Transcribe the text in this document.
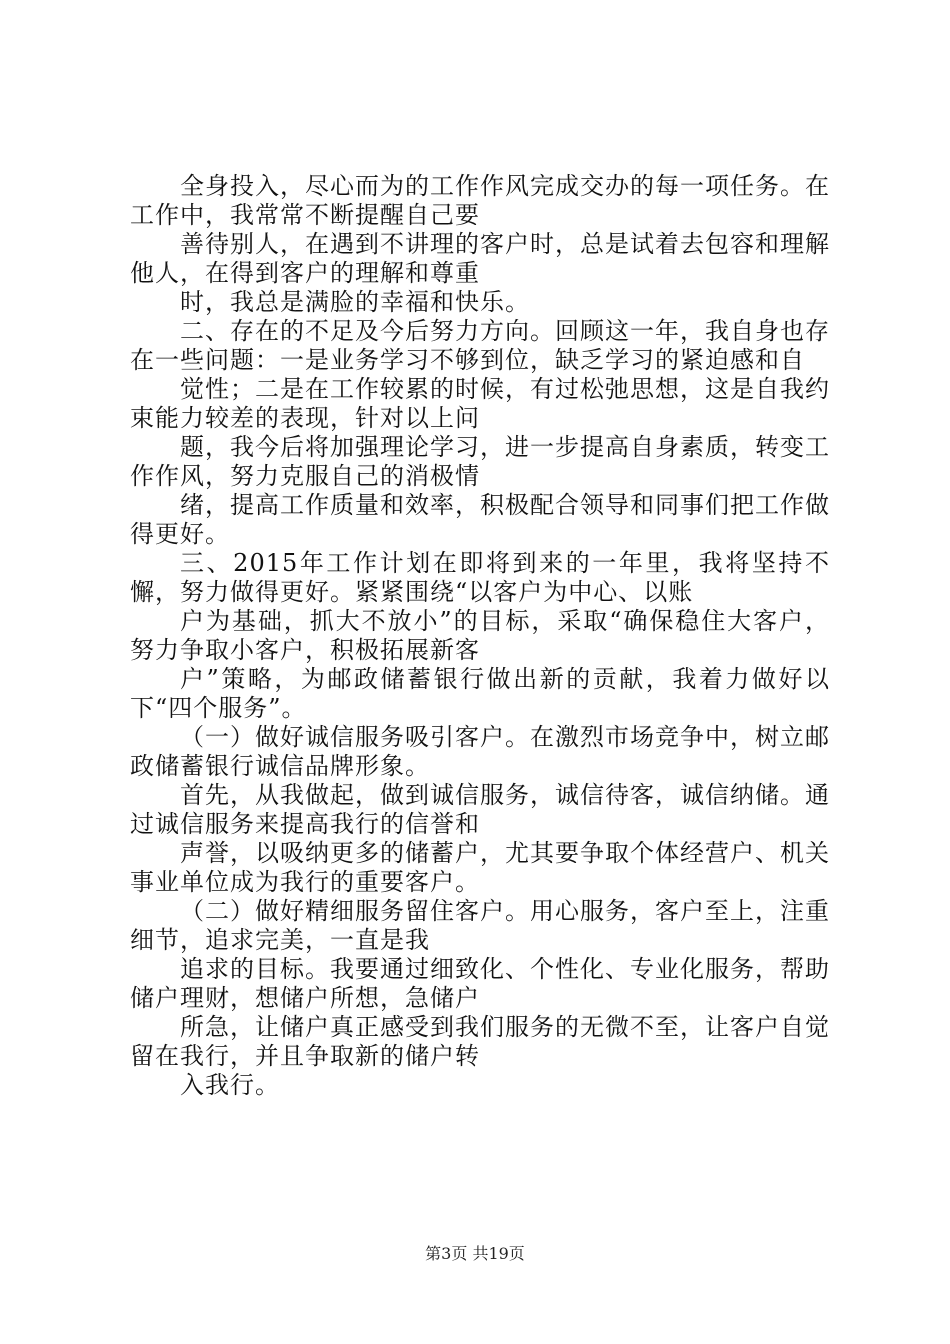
全身投入，尽心而为的工作作风完成交办的每一项任务。在工作中，我常常不断提醒自己要

善待别人，在遇到不讲理的客户时，总是试着去包容和理解他人，在得到客户的理解和尊重

时，我总是满脸的幸福和快乐。

二、存在的不足及今后努力方向。回顾这一年，我自身也存在一些问题：一是业务学习不够到位，缺乏学习的紧迫感和自

觉性；二是在工作较累的时候，有过松弛思想，这是自我约束能力较差的表现，针对以上问

题，我今后将加强理论学习，进一步提高自身素质，转变工作作风，努力克服自己的消极情

绪，提高工作质量和效率，积极配合领导和同事们把工作做得更好。

三、2015年工作计划在即将到来的一年里，我将坚持不懈，努力做得更好。紧紧围绕“以客户为中心、以账

户为基础，抓大不放小”的目标，采取“确保稳住大客户，努力争取小客户，积极拓展新客

户”策略，为邮政储蓄银行做出新的贡献，我着力做好以下“四个服务”。

（一）做好诚信服务吸引客户。在激烈市场竞争中，树立邮政储蓄银行诚信品牌形象。

首先，从我做起，做到诚信服务，诚信待客，诚信纳储。通过诚信服务来提高我行的信誉和

声誉，以吸纳更多的储蓄户，尤其要争取个体经营户、机关事业单位成为我行的重要客户。

（二）做好精细服务留住客户。用心服务，客户至上，注重细节，追求完美，一直是我

追求的目标。我要通过细致化、个性化、专业化服务，帮助储户理财，想储户所想，急储户

所急，让储户真正感受到我们服务的无微不至，让客户自觉留在我行，并且争取新的储户转

入我行。

第3页 共19页
